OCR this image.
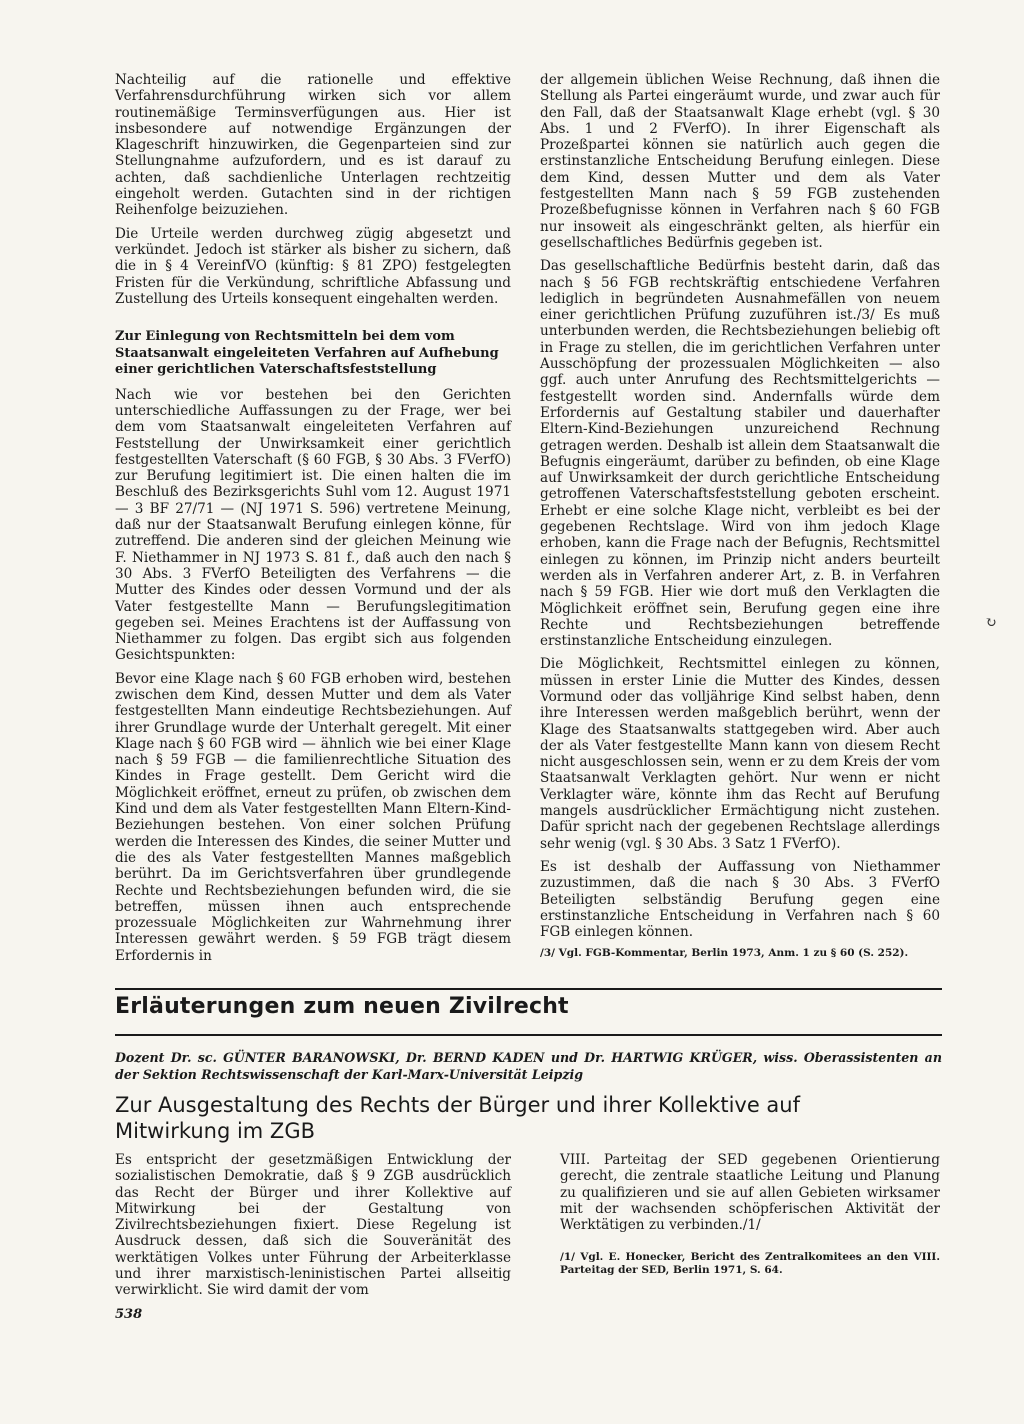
Nachteilig auf die rationelle und effektive Verfahrensdurchführung wirken sich vor allem routinemäßige Terminsverfügungen aus. Hier ist insbesondere auf notwendige Ergänzungen der Klageschrift hinzuwirken, die Gegenparteien sind zur Stellungnahme aufzufordern, und es ist darauf zu achten, daß sachdienliche Unterlagen rechtzeitig eingeholt werden. Gutachten sind in der richtigen Reihenfolge beizuziehen.

Die Urteile werden durchweg zügig abgesetzt und verkündet. Jedoch ist stärker als bisher zu sichern, daß die in § 4 VereinfVO (künftig: § 81 ZPO) festgelegten Fristen für die Verkündung, schriftliche Abfassung und Zustellung des Urteils konsequent eingehalten werden.

Zur Einlegung von Rechtsmitteln bei dem vom Staatsanwalt eingeleiteten Verfahren auf Aufhebung einer gerichtlichen Vaterschaftsfeststellung

Nach wie vor bestehen bei den Gerichten unterschiedliche Auffassungen zu der Frage, wer bei dem vom Staatsanwalt eingeleiteten Verfahren auf Feststellung der Unwirksamkeit einer gerichtlich festgestellten Vaterschaft (§ 60 FGB, § 30 Abs. 3 FVerfO) zur Berufung legitimiert ist. Die einen halten die im Beschluß des Bezirksgerichts Suhl vom 12. August 1971 — 3 BF 27/71 — (NJ 1971 S. 596) vertretene Meinung, daß nur der Staatsanwalt Berufung einlegen könne, für zutreffend. Die anderen sind der gleichen Meinung wie F. Niethammer in NJ 1973 S. 81 f., daß auch den nach § 30 Abs. 3 FVerfO Beteiligten des Verfahrens — die Mutter des Kindes oder dessen Vormund und der als Vater festgestellte Mann — Berufungslegitimation gegeben sei. Meines Erachtens ist der Auffassung von Niethammer zu folgen. Das ergibt sich aus folgenden Gesichtspunkten:

Bevor eine Klage nach § 60 FGB erhoben wird, bestehen zwischen dem Kind, dessen Mutter und dem als Vater festgestellten Mann eindeutige Rechtsbeziehungen. Auf ihrer Grundlage wurde der Unterhalt geregelt. Mit einer Klage nach § 60 FGB wird — ähnlich wie bei einer Klage nach § 59 FGB — die familienrechtliche Situation des Kindes in Frage gestellt. Dem Gericht wird die Möglichkeit eröffnet, erneut zu prüfen, ob zwischen dem Kind und dem als Vater festgestellten Mann Eltern-Kind-Beziehungen bestehen. Von einer solchen Prüfung werden die Interessen des Kindes, die seiner Mutter und die des als Vater festgestellten Mannes maßgeblich berührt. Da im Gerichtsverfahren über grundlegende Rechte und Rechtsbeziehungen befunden wird, die sie betreffen, müssen ihnen auch entsprechende prozessuale Möglichkeiten zur Wahrnehmung ihrer Interessen gewährt werden. § 59 FGB trägt diesem Erfordernis in

der allgemein üblichen Weise Rechnung, daß ihnen die Stellung als Partei eingeräumt wurde, und zwar auch für den Fall, daß der Staatsanwalt Klage erhebt (vgl. § 30 Abs. 1 und 2 FVerfO). In ihrer Eigenschaft als Prozeßpartei können sie natürlich auch gegen die erstinstanzliche Entscheidung Berufung einlegen. Diese dem Kind, dessen Mutter und dem als Vater festgestellten Mann nach § 59 FGB zustehenden Prozeßbefugnisse können in Verfahren nach § 60 FGB nur insoweit als eingeschränkt gelten, als hierfür ein gesellschaftliches Bedürfnis gegeben ist.

Das gesellschaftliche Bedürfnis besteht darin, daß das nach § 56 FGB rechtskräftig entschiedene Verfahren lediglich in begründeten Ausnahmefällen von neuem einer gerichtlichen Prüfung zuzuführen ist./3/ Es muß unterbunden werden, die Rechtsbeziehungen beliebig oft in Frage zu stellen, die im gerichtlichen Verfahren unter Ausschöpfung der prozessualen Möglichkeiten — also ggf. auch unter Anrufung des Rechtsmittelgerichts — festgestellt worden sind. Andernfalls würde dem Erfordernis auf Gestaltung stabiler und dauerhafter Eltern-Kind-Beziehungen unzureichend Rechnung getragen werden. Deshalb ist allein dem Staatsanwalt die Befugnis eingeräumt, darüber zu befinden, ob eine Klage auf Unwirksamkeit der durch gerichtliche Entscheidung getroffenen Vaterschaftsfeststellung geboten erscheint. Erhebt er eine solche Klage nicht, verbleibt es bei der gegebenen Rechtslage. Wird von ihm jedoch Klage erhoben, kann die Frage nach der Befugnis, Rechtsmittel einlegen zu können, im Prinzip nicht anders beurteilt werden als in Verfahren anderer Art, z. B. in Verfahren nach § 59 FGB. Hier wie dort muß den Verklagten die Möglichkeit eröffnet sein, Berufung gegen eine ihre Rechte und Rechtsbeziehungen betreffende erstinstanzliche Entscheidung einzulegen.

Die Möglichkeit, Rechtsmittel einlegen zu können, müssen in erster Linie die Mutter des Kindes, dessen Vormund oder das volljährige Kind selbst haben, denn ihre Interessen werden maßgeblich berührt, wenn der Klage des Staatsanwalts stattgegeben wird. Aber auch der als Vater festgestellte Mann kann von diesem Recht nicht ausgeschlossen sein, wenn er zu dem Kreis der vom Staatsanwalt Verklagten gehört. Nur wenn er nicht Verklagter wäre, könnte ihm das Recht auf Berufung mangels ausdrücklicher Ermächtigung nicht zustehen. Dafür spricht nach der gegebenen Rechtslage allerdings sehr wenig (vgl. § 30 Abs. 3 Satz 1 FVerfO).

Es ist deshalb der Auffassung von Niethammer zuzustimmen, daß die nach § 30 Abs. 3 FVerfO Beteiligten selbständig Berufung gegen eine erstinstanzliche Entscheidung in Verfahren nach § 60 FGB einlegen können.

/3/ Vgl. FGB-Kommentar, Berlin 1973, Anm. 1 zu § 60 (S. 252).

↻
Erläuterungen zum neuen Zivilrecht
Dozent Dr. sc. GÜNTER BARANOWSKI, Dr. BERND KADEN und Dr. HARTWIG KRÜGER, wiss. Oberassistenten an der Sektion Rechtswissenschaft der Karl-Marx-Universität Leipzig
Zur Ausgestaltung des Rechts der Bürger und ihrer Kollektive auf Mitwirkung im ZGB

Es entspricht der gesetzmäßigen Entwicklung der sozialistischen Demokratie, daß § 9 ZGB ausdrücklich das Recht der Bürger und ihrer Kollektive auf Mitwirkung bei der Gestaltung von Zivilrechtsbeziehungen fixiert. Diese Regelung ist Ausdruck dessen, daß sich die Souveränität des werktätigen Volkes unter Führung der Arbeiterklasse und ihrer marxistisch-leninistischen Partei allseitig verwirklicht. Sie wird damit der vom

VIII. Parteitag der SED gegebenen Orientierung gerecht, die zentrale staatliche Leitung und Planung zu qualifizieren und sie auf allen Gebieten wirksamer mit der wachsenden schöpferischen Aktivität der Werktätigen zu verbinden./1/

/1/ Vgl. E. Honecker, Bericht des Zentralkomitees an den VIII. Parteitag der SED, Berlin 1971, S. 64.

538
